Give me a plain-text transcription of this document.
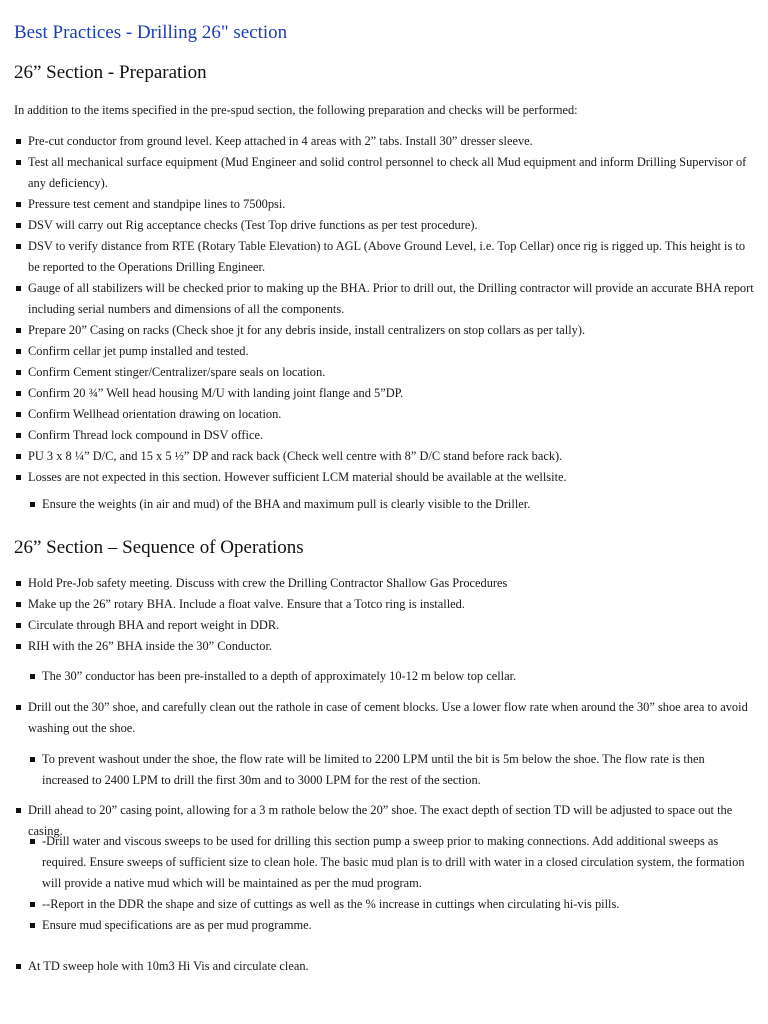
Best Practices - Drilling 26" section
26” Section - Preparation

In addition to the items specified in the pre-spud section, the following preparation and checks will be performed:

Pre-cut conductor from ground level. Keep attached in 4 areas with 2” tabs. Install 30” dresser sleeve.
Test all mechanical surface equipment (Mud Engineer and solid control personnel to check all Mud equipment and inform Drilling Supervisor of any deficiency).
Pressure test cement and standpipe lines to 7500psi.
DSV will carry out Rig acceptance checks (Test Top drive functions as per test procedure).
DSV to verify distance from RTE (Rotary Table Elevation) to AGL (Above Ground Level, i.e. Top Cellar) once rig is rigged up. This height is to be reported to the Operations Drilling Engineer.
Gauge of all stabilizers will be checked prior to making up the BHA. Prior to drill out, the Drilling contractor will provide an accurate BHA report including serial numbers and dimensions of all the components.
Prepare 20” Casing on racks (Check shoe jt for any debris inside, install centralizers on stop collars as per tally).
Confirm cellar jet pump installed and tested.
Confirm Cement stinger/Centralizer/spare seals on location.
Confirm 20 ¾” Well head housing M/U with landing joint flange and 5”DP.
Confirm Wellhead orientation drawing on location.
Confirm Thread lock compound in DSV office.
PU 3 x 8 ¼” D/C, and 15 x 5 ½” DP and rack back (Check well centre with 8” D/C stand before rack back).
Losses are not expected in this section. However sufficient LCM material should be available at the wellsite.
Ensure the weights (in air and mud) of the BHA and maximum pull is clearly visible to the Driller.
26” Section – Sequence of Operations
Hold Pre-Job safety meeting. Discuss with crew the Drilling Contractor Shallow Gas Procedures
Make up the 26” rotary BHA. Include a float valve. Ensure that a Totco ring is installed.
Circulate through BHA and report weight in DDR.
RIH with the 26” BHA inside the 30” Conductor.
The 30” conductor has been pre-installed to a depth of approximately 10-12 m below top cellar.
Drill out the 30” shoe, and carefully clean out the rathole in case of cement blocks. Use a lower flow rate when around the 30” shoe area to avoid washing out the shoe.
To prevent washout under the shoe, the flow rate will be limited to 2200 LPM until the bit is 5m below the shoe. The flow rate is then increased to 2400 LPM to drill the first 30m and to 3000 LPM for the rest of the section.
Drill ahead to 20” casing point, allowing for a 3 m rathole below the 20” shoe. The exact depth of section TD will be adjusted to space out the casing.
-Drill water and viscous sweeps to be used for drilling this section pump a sweep prior to making connections. Add additional sweeps as required. Ensure sweeps of sufficient size to clean hole. The basic mud plan is to drill with water in a closed circulation system, the formation will provide a native mud which will be maintained as per the mud program.
--Report in the DDR the shape and size of cuttings as well as the % increase in cuttings when circulating hi-vis pills.
Ensure mud specifications are as per mud programme.
At TD sweep hole with 10m3 Hi Vis and circulate clean.
